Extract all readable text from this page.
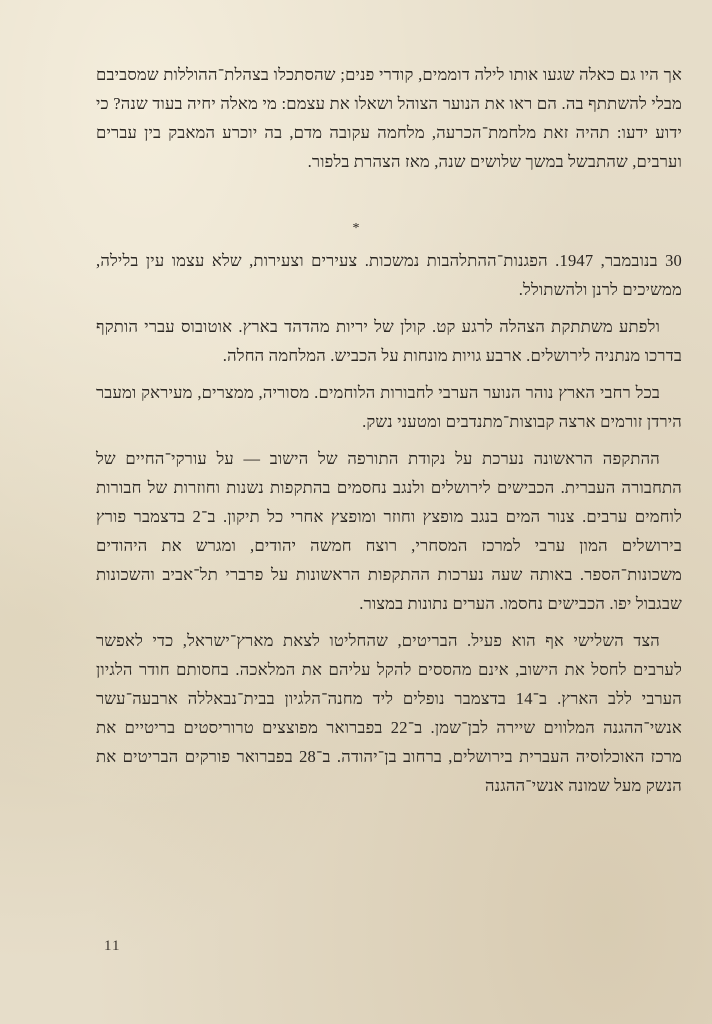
אך היו גם כאלה שגעו אותו לילה דוממים, קודרי פנים; שהסתכלו בצהלת־ההוללות שמסביבם מבלי להשתתף בה. הם ראו את הנוער הצוהל ושאלו את עצמם: מי מאלה יחיה בעוד שנה? כי ידוע ידעו: תהיה זאת מלחמת־הכרעה, מלחמה עקובה מדם, בה יוכרע המאבק בין עברים וערבים, שהתבשל במשך שלושים שנה, מאז הצהרת בלפור.

*

30 בנובמבר, 1947. הפגנות־ההתלהבות נמשכות. צעירים וצעירות, שלא עצמו עין בלילה, ממשיכים לרנן ולהשתולל.

ולפתע משתתקת הצהלה לרגע קט. קולן של יריות מהדהד בארץ. אוטובוס עברי הותקף בדרכו מנתניה לירושלים. ארבע גויות מונחות על הכביש. המלחמה החלה.

בכל רחבי הארץ נוהר הנוער הערבי לחבורות הלוחמים. מסוריה, ממצרים, מעיראק ומעבר הירדן זורמים ארצה קבוצות־מתנדבים ומטעני נשק.

ההתקפה הראשונה נערכת על נקודת התורפה של הישוב — על עורקי־החיים של התחבורה העברית. הכבישים לירושלים ולנגב נחסמים בהתקפות נשנות וחוזרות של חבורות לוחמים ערבים. צנור המים בנגב מופצץ וחוזר ומופצץ אחרי כל תיקון. ב־2 בדצמבר פורץ בירושלים המון ערבי למרכז המסחרי, רוצח חמשה יהודים, ומגרש את היהודים משכונות־הספר. באותה שעה נערכות ההתקפות הראשונות על פרברי תל־אביב והשכונות שבגבול יפו. הכבישים נחסמו. הערים נתונות במצור.

הצד השלישי אף הוא פעיל. הבריטים, שהחליטו לצאת מארץ־ישראל, כדי לאפשר לערבים לחסל את הישוב, אינם מהססים להקל עליהם את המלאכה. בחסותם חודר הלגיון הערבי ללב הארץ. ב־14 בדצמבר נופלים ליד מחנה־הלגיון בבית־נבאללה ארבעה־עשר אנשי־ההגנה המלווים שיירה לבן־שמן. ב־22 בפברואר מפוצצים טרוריסטים בריטיים את מרכז האוכלוסיה העברית בירושלים, ברחוב בן־יהודה. ב־28 בפברואר פורקים הבריטים את הנשק מעל שמונה אנשי־ההגנה

11
